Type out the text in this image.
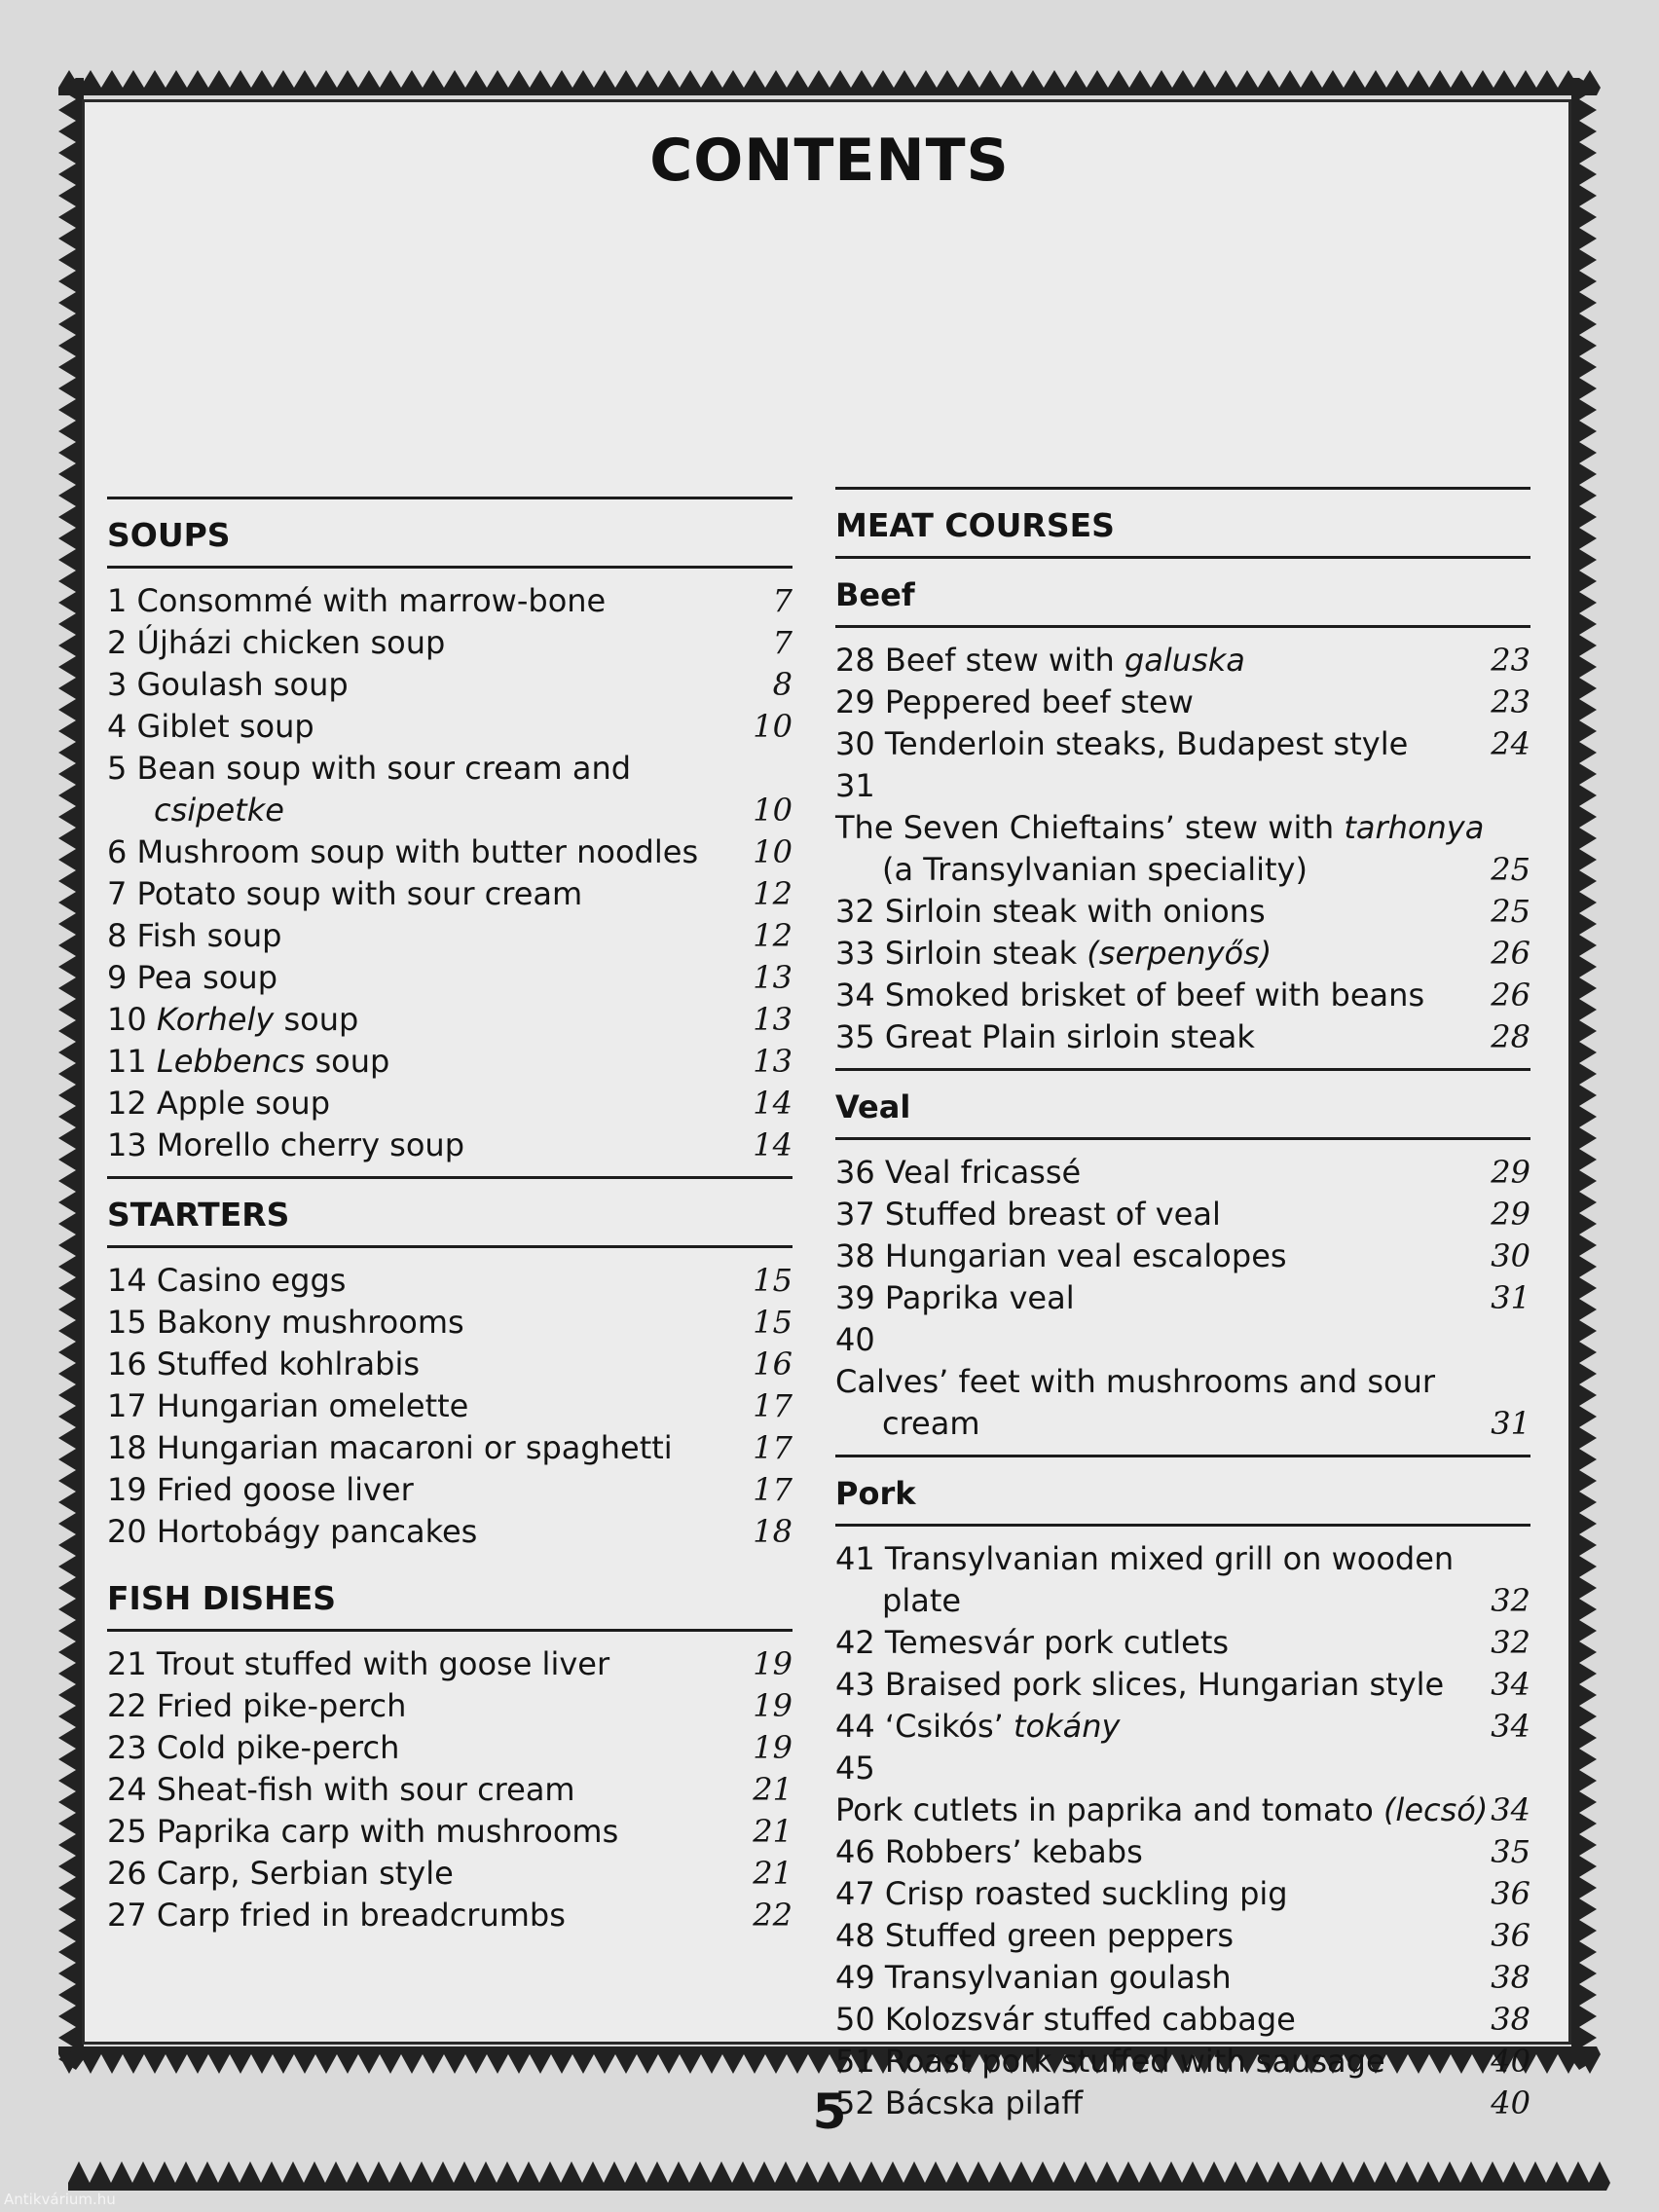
CONTENTS
SOUPS
1 Consommé with marrow-bone	7
2 Újházi chicken soup	7
3 Goulash soup	8
4 Giblet soup	10
5 Bean soup with sour cream and
csipetke	10
6 Mushroom soup with butter noodles	10
7 Potato soup with sour cream	12
8 Fish soup	12
9 Pea soup	13
10 Korhely soup	13
11 Lebbencs soup	13
12 Apple soup	14
13 Morello cherry soup	14
STARTERS
14 Casino eggs	15
15 Bakony mushrooms	15
16 Stuffed kohlrabis	16
17 Hungarian omelette	17
18 Hungarian macaroni or spaghetti	17
19 Fried goose liver	17
20 Hortobágy pancakes	18
FISH DISHES
21 Trout stuffed with goose liver	19
22 Fried pike-perch	19
23 Cold pike-perch	19
24 Sheat-fish with sour cream	21
25 Paprika carp with mushrooms	21
26 Carp, Serbian style	21
27 Carp fried in breadcrumbs	22
MEAT COURSES
Beef
28 Beef stew with galuska	23
29 Peppered beef stew	23
30 Tenderloin steaks, Budapest style	24
31 The Seven Chieftains’ stew with tarhonya
(a Transylvanian speciality)	25
32 Sirloin steak with onions	25
33 Sirloin steak (serpenyős)	26
34 Smoked brisket of beef with beans	26
35 Great Plain sirloin steak	28
Veal
36 Veal fricassé	29
37 Stuffed breast of veal	29
38 Hungarian veal escalopes	30
39 Paprika veal	31
40 Calves’ feet with mushrooms and sour
cream	31
Pork
41 Transylvanian mixed grill on wooden
plate	32
42 Temesvár pork cutlets	32
43 Braised pork slices, Hungarian style	34
44 ‘Csikós’ tokány	34
45 Pork cutlets in paprika and tomato (lecsó) 34
46 Robbers’ kebabs	35
47 Crisp roasted suckling pig	36
48 Stuffed green peppers	36
49 Transylvanian goulash	38
50 Kolozsvár stuffed cabbage	38
51 Roast pork stuffed with sausage	40
52 Bácska pilaff	40
5
Antikvárium.hu
